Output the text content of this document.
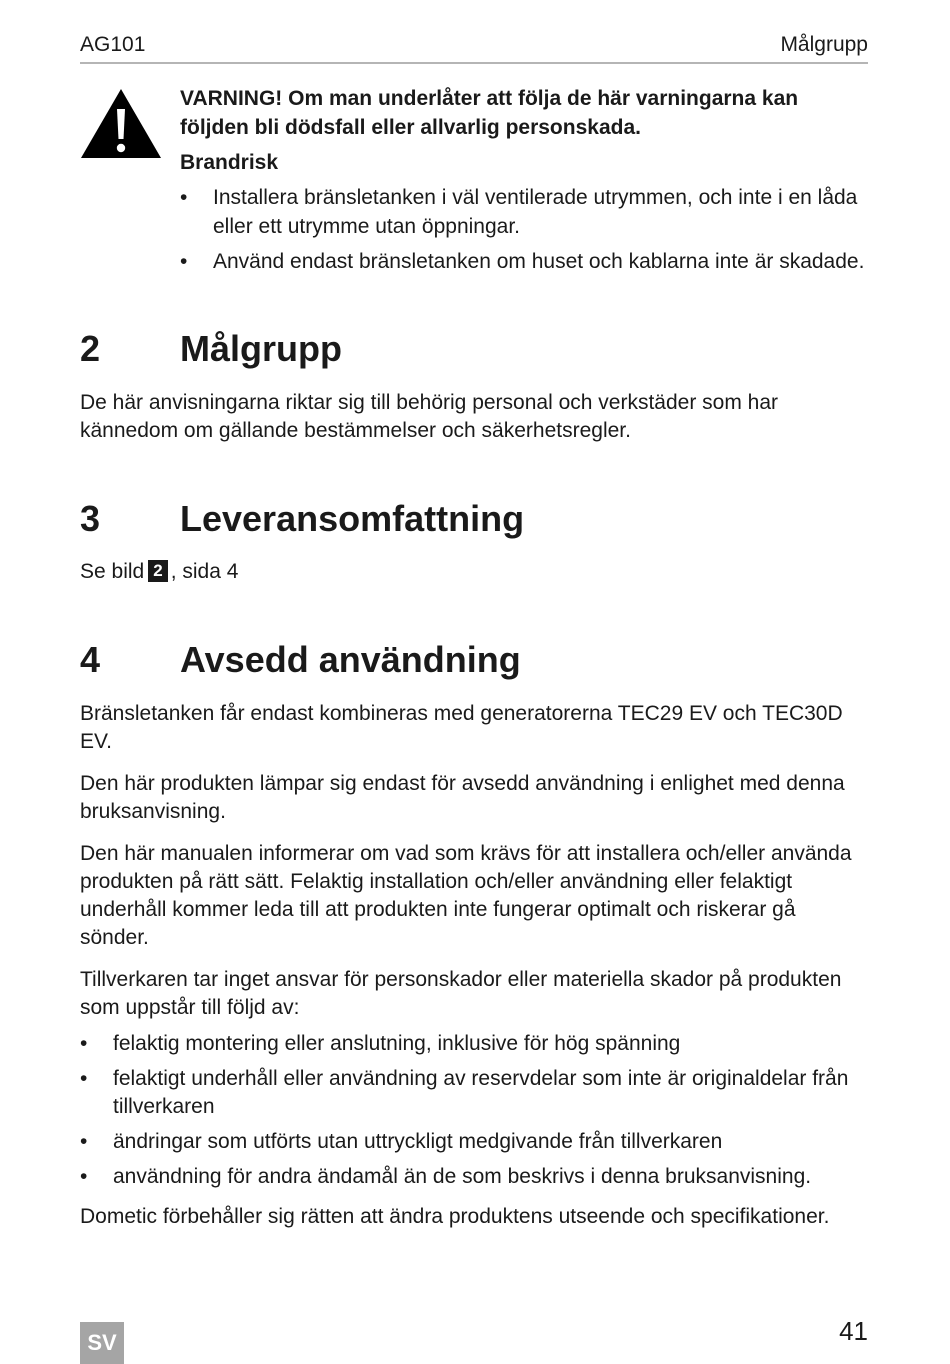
AG101	Målgrupp

VARNING! Om man underlåter att följa de här varningarna kan följden bli dödsfall eller allvarlig personskada.

Brandrisk

• Installera bränsletanken i väl ventilerade utrymmen, och inte i en låda eller ett utrymme utan öppningar.
• Använd endast bränsletanken om huset och kablarna inte är skadade.
2 Målgrupp

De här anvisningarna riktar sig till behörig personal och verkstäder som har kännedom om gällande bestämmelser och säkerhetsregler.

3 Leveransomfattning

Se bild 2 , sida 4

4 Avsedd användning

Bränsletanken får endast kombineras med generatorerna TEC29 EV och TEC30D EV.

Den här produkten lämpar sig endast för avsedd användning i enlighet med denna bruksanvisning.

Den här manualen informerar om vad som krävs för att installera och/eller använda produkten på rätt sätt. Felaktig installation och/eller användning eller felaktigt underhåll kommer leda till att produkten inte fungerar optimalt och riskerar gå sönder.

Tillverkaren tar inget ansvar för personskador eller materiella skador på produkten som uppstår till följd av:

• felaktig montering eller anslutning, inklusive för hög spänning
• felaktigt underhåll eller användning av reservdelar som inte är originaldelar från tillverkaren
• ändringar som utförts utan uttryckligt medgivande från tillverkaren
• användning för andra ändamål än de som beskrivs i denna bruksanvisning.

Dometic förbehåller sig rätten att ändra produktens utseende och specifikationer.

SV	41
